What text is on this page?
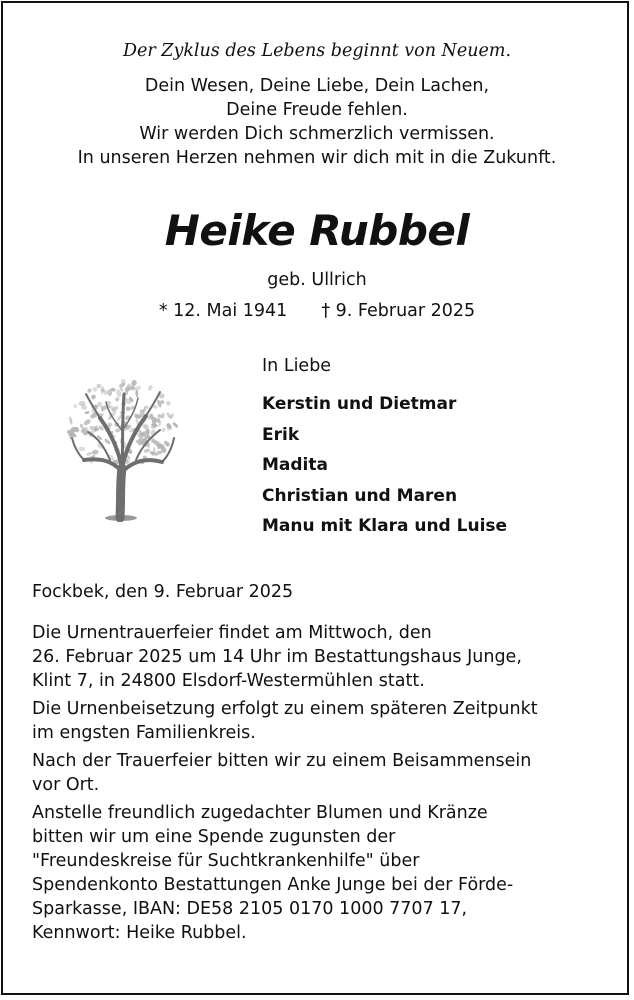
Der Zyklus des Lebens beginnt von Neuem.
Dein Wesen, Deine Liebe, Dein Lachen,
Deine Freude fehlen.
Wir werden Dich schmerzlich vermissen.
In unseren Herzen nehmen wir dich mit in die Zukunft.
Heike Rubbel
geb. Ullrich
* 12. Mai 1941 † 9. Februar 2025
In Liebe
Kerstin und Dietmar
Erik
Madita
Christian und Maren
Manu mit Klara und Luise
Fockbek, den 9. Februar 2025

Die Urnentrauerfeier findet am Mittwoch, den
26. Februar 2025 um 14 Uhr im Bestattungshaus Junge,
Klint 7, in 24800 Elsdorf-Westermühlen statt.

Die Urnenbeisetzung erfolgt zu einem späteren Zeitpunkt
im engsten Familienkreis.

Nach der Trauerfeier bitten wir zu einem Beisammensein
vor Ort.

Anstelle freundlich zugedachter Blumen und Kränze
bitten wir um eine Spende zugunsten der
"Freundeskreise für Suchtkrankenhilfe" über
Spendenkonto Bestattungen Anke Junge bei der Förde-
Sparkasse, IBAN: DE58 2105 0170 1000 7707 17,
Kennwort: Heike Rubbel.
